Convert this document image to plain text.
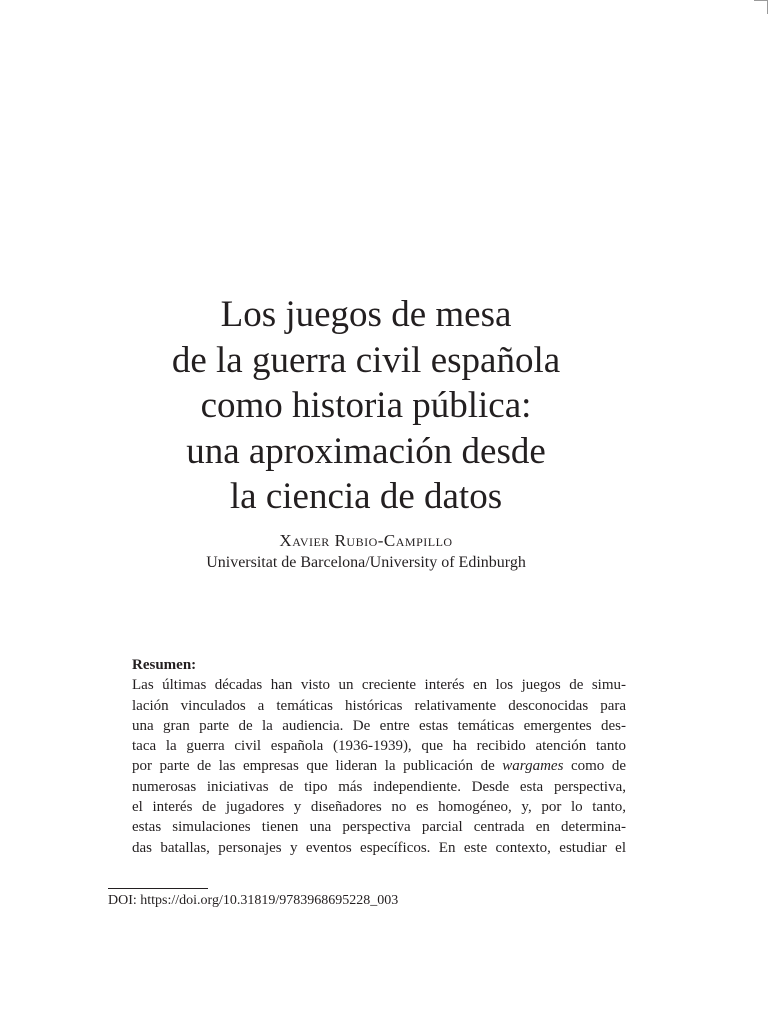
Los juegos de mesa
de la guerra civil española
como historia pública:
una aproximación desde
la ciencia de datos
Xavier Rubio-Campillo
Universitat de Barcelona/University of Edinburgh
Resumen:
Las últimas décadas han visto un creciente interés en los juegos de simu-
lación vinculados a temáticas históricas relativamente desconocidas para
una gran parte de la audiencia. De entre estas temáticas emergentes des-
taca la guerra civil española (1936-1939), que ha recibido atención tanto
por parte de las empresas que lideran la publicación de wargames como de
numerosas iniciativas de tipo más independiente. Desde esta perspectiva,
el interés de jugadores y diseñadores no es homogéneo, y, por lo tanto,
estas simulaciones tienen una perspectiva parcial centrada en determina-
das batallas, personajes y eventos específicos. En este contexto, estudiar el
DOI: https://doi.org/10.31819/9783968695228_003
